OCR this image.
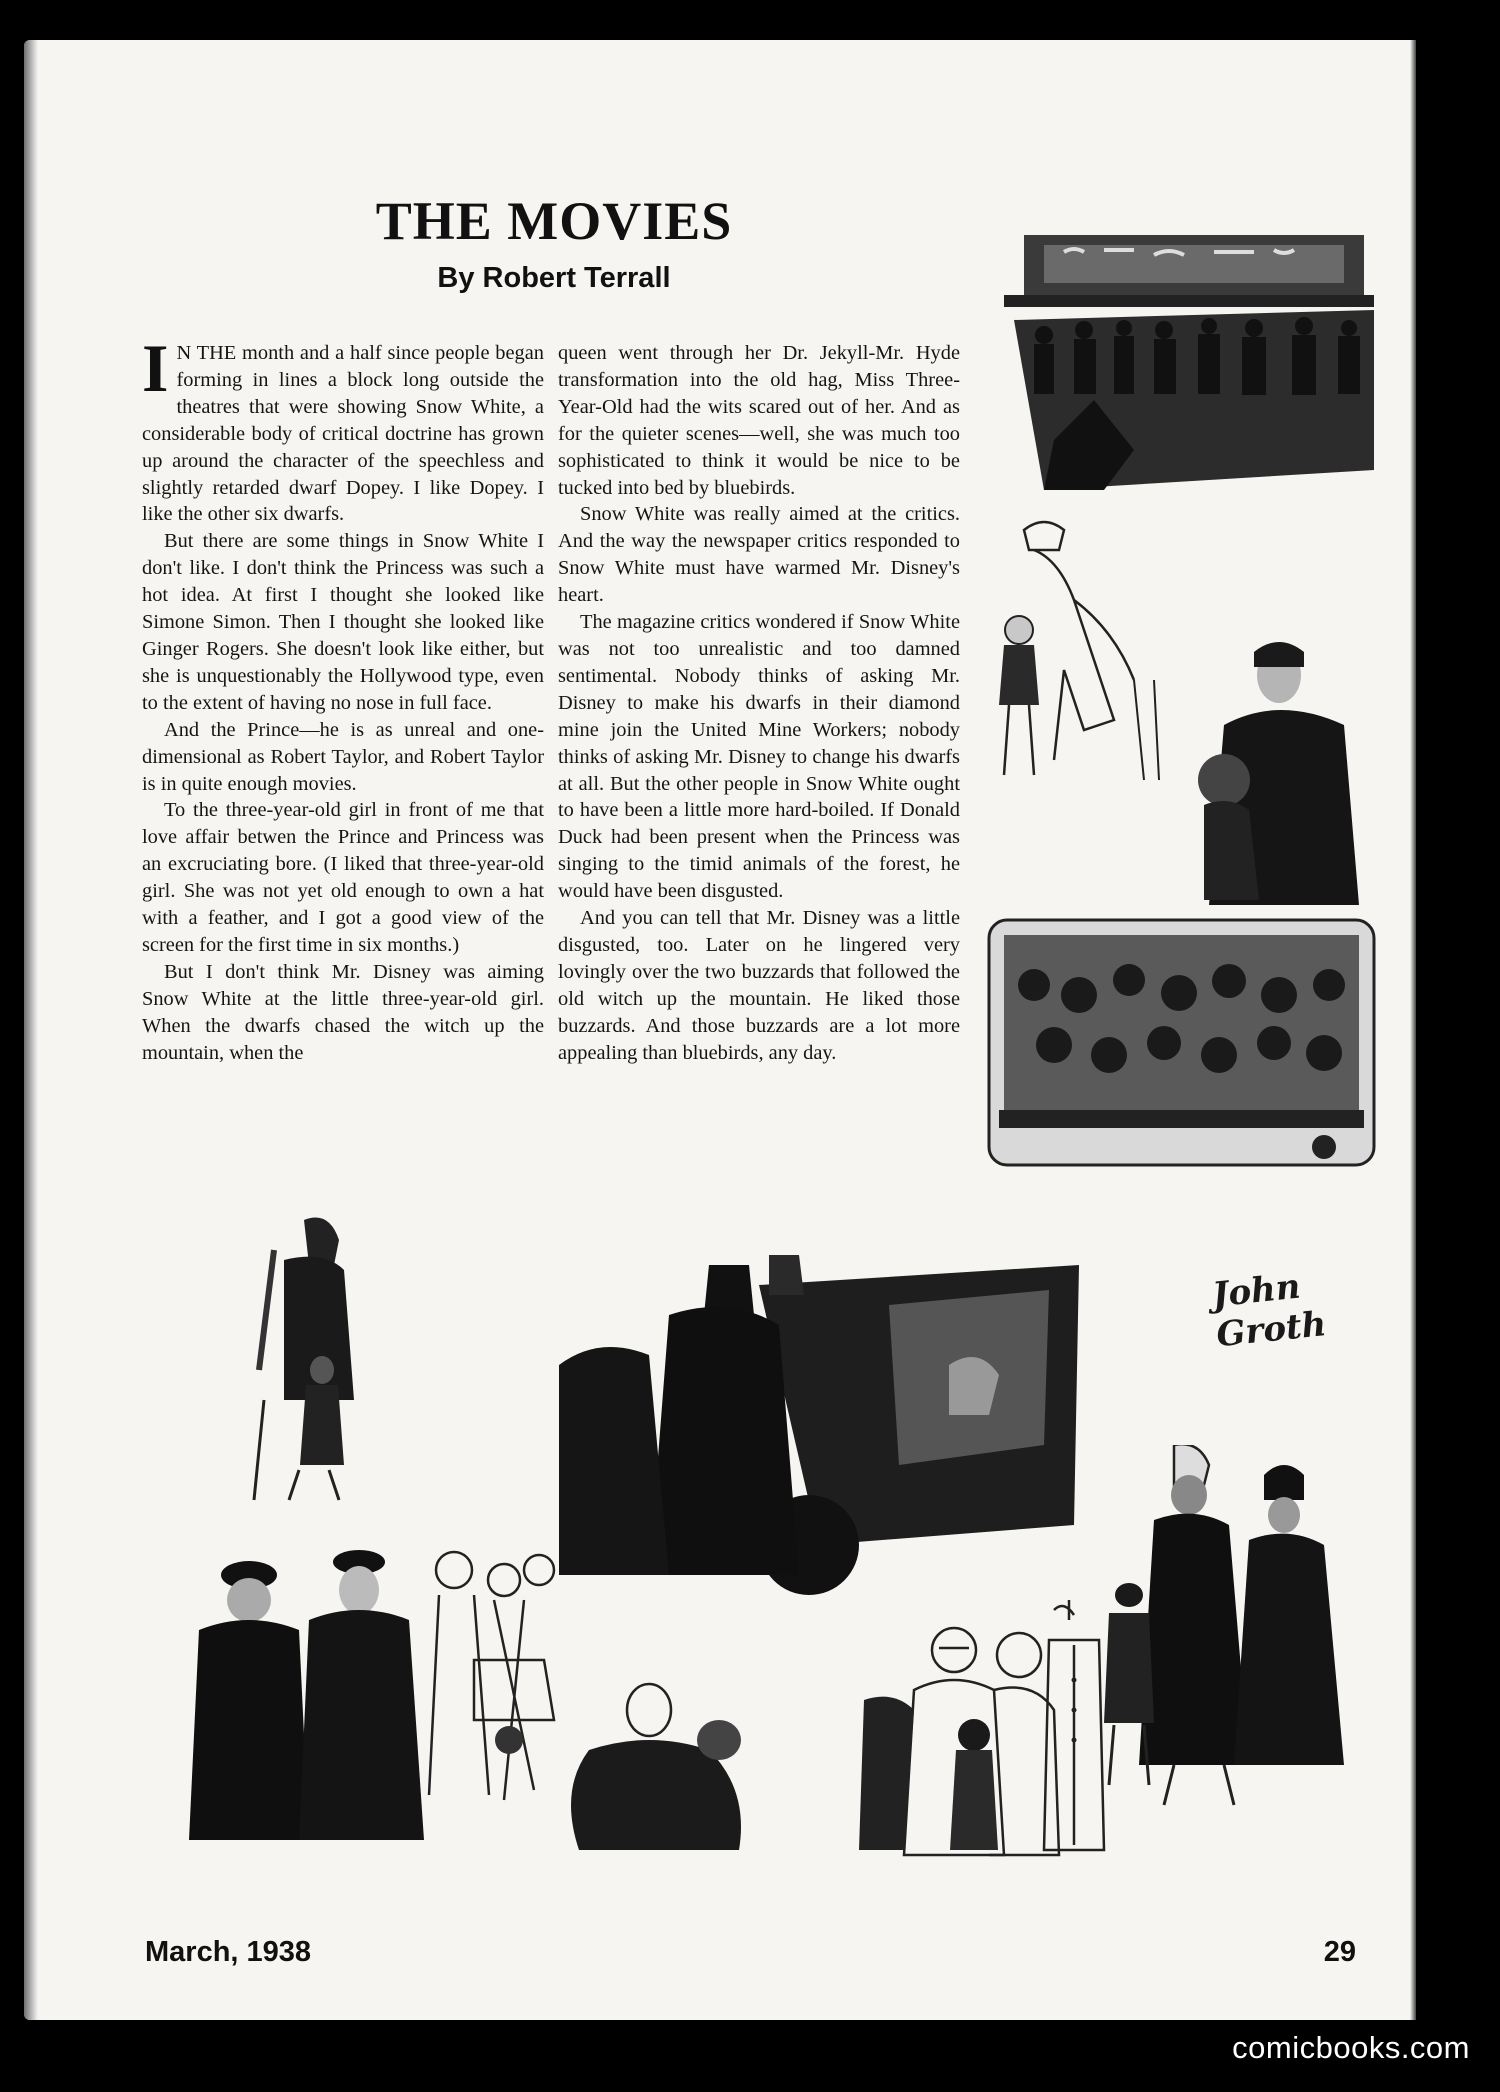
THE MOVIES
By Robert Terrall

I N THE month and a half since people began forming in lines a block long outside the theatres that were showing Snow White, a considerable body of critical doctrine has grown up around the character of the speechless and slightly retarded dwarf Dopey. I like Dopey. I like the other six dwarfs.

But there are some things in Snow White I don't like. I don't think the Princess was such a hot idea. At first I thought she looked like Simone Simon. Then I thought she looked like Ginger Rogers. She doesn't look like either, but she is unquestionably the Hollywood type, even to the extent of having no nose in full face.

And the Prince—he is as unreal and one-dimensional as Robert Taylor, and Robert Taylor is in quite enough movies.

To the three-year-old girl in front of me that love affair betwen the Prince and Princess was an excruciating bore. (I liked that three-year-old girl. She was not yet old enough to own a hat with a feather, and I got a good view of the screen for the first time in six months.)

But I don't think Mr. Disney was aiming Snow White at the little three-year-old girl. When the dwarfs chased the witch up the mountain, when the

queen went through her Dr. Jekyll-Mr. Hyde transformation into the old hag, Miss Three-Year-Old had the wits scared out of her. And as for the quieter scenes—well, she was much too sophisticated to think it would be nice to be tucked into bed by bluebirds.

Snow White was really aimed at the critics. And the way the newspaper critics responded to Snow White must have warmed Mr. Disney's heart.

The magazine critics wondered if Snow White was not too unrealistic and too damned sentimental. Nobody thinks of asking Mr. Disney to make his dwarfs in their diamond mine join the United Mine Workers; nobody thinks of asking Mr. Disney to change his dwarfs at all. But the other people in Snow White ought to have been a little more hard-boiled. If Donald Duck had been present when the Princess was singing to the timid animals of the forest, he would have been disgusted.

And you can tell that Mr. Disney was a little disgusted, too. Later on he lingered very lovingly over the two buzzards that followed the old witch up the mountain. He liked those buzzards. And those buzzards are a lot more appealing than bluebirds, any day.

John Groth

March, 1938	29

comicbooks.com
